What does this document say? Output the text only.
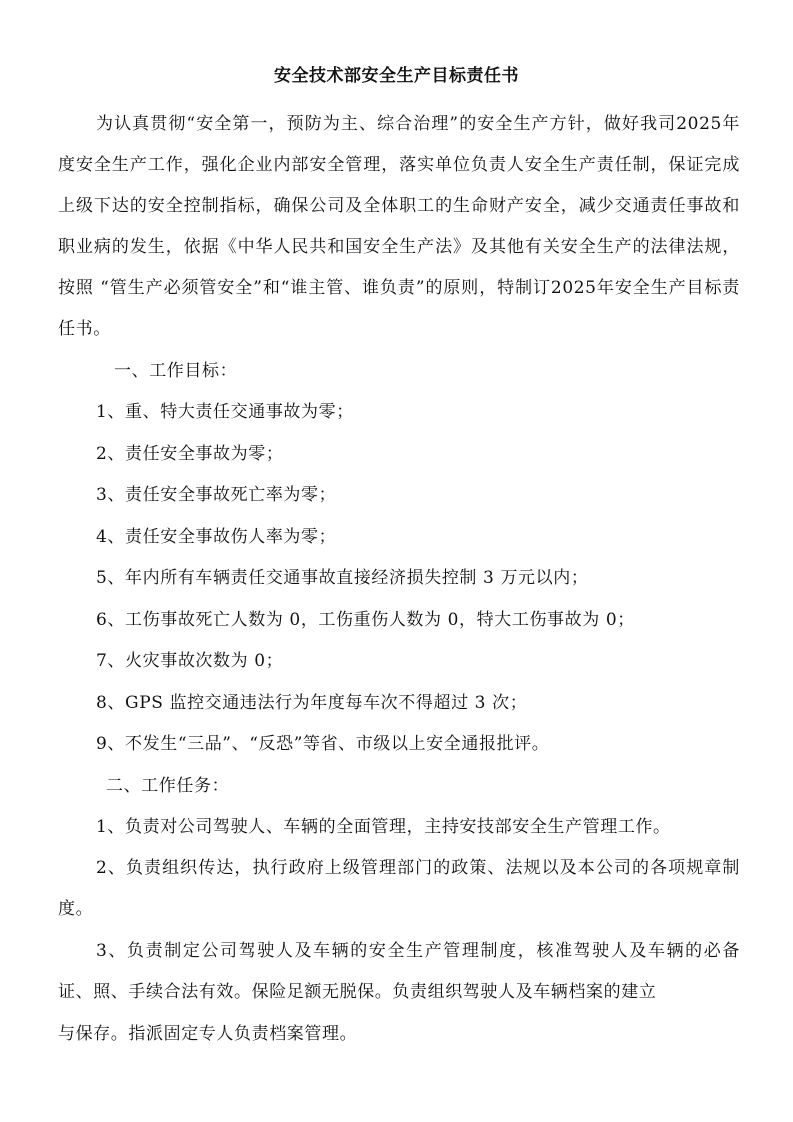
安全技术部安全生产目标责任书
为认真贯彻“安全第一，预防为主、综合治理”的安全生产方针，做好我司2025年度安全生产工作，强化企业内部安全管理，落实单位负责人安全生产责任制，保证完成上级下达的安全控制指标，确保公司及全体职工的生命财产安全，减少交通责任事故和职业病的发生，依据《中华人民共和国安全生产法》及其他有关安全生产的法律法规，按照 “管生产必须管安全”和“谁主管、谁负责”的原则，特制订2025年安全生产目标责任书。
一、工作目标：
1、重、特大责任交通事故为零；
2、责任安全事故为零；
3、责任安全事故死亡率为零；
4、责任安全事故伤人率为零；
5、年内所有车辆责任交通事故直接经济损失控制 3 万元以内；
6、工伤事故死亡人数为 0，工伤重伤人数为 0，特大工伤事故为 0；
7、火灾事故次数为 0；
8、GPS 监控交通违法行为年度每车次不得超过 3 次；
9、不发生“三品”、“反恐”等省、市级以上安全通报批评。
二、工作任务：
1、负责对公司驾驶人、车辆的全面管理，主持安技部安全生产管理工作。
2、负责组织传达，执行政府上级管理部门的政策、法规以及本公司的各项规章制度。
3、负责制定公司驾驶人及车辆的安全生产管理制度，核准驾驶人及车辆的必备证、照、手续合法有效。保险足额无脱保。负责组织驾驶人及车辆档案的建立
与保存。指派固定专人负责档案管理。
